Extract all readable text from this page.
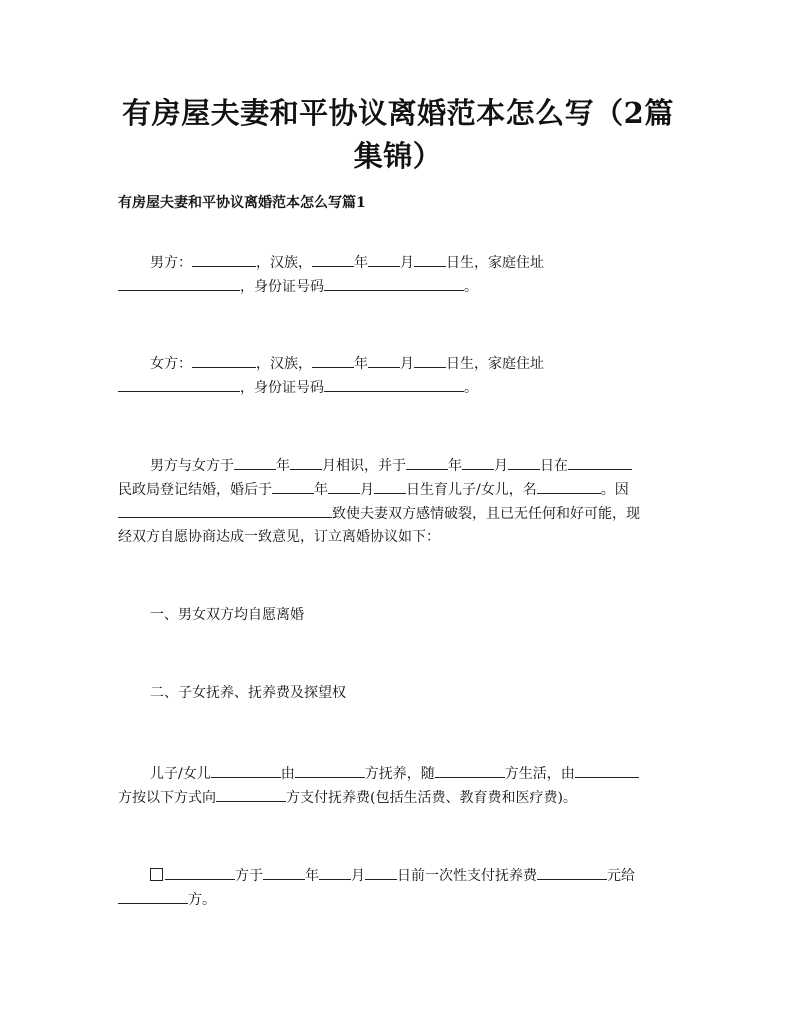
有房屋夫妻和平协议离婚范本怎么写（2篇
集锦）

有房屋夫妻和平协议离婚范本怎么写篇1

男方：	，汉族，	年 月 日生，家庭住址

，身份证号码	。

女方：	，汉族，	年 月 日生，家庭住址

，身份证号码	。

男方与女方于	年 月相识，并于	年 月 日在

民政局登记结婚，婚后于	年 月 日生育儿子/女儿，名	。因

致使夫妻双方感情破裂，且已无任何和好可能，现

经双方自愿协商达成一致意见，订立离婚协议如下：

一、男女双方均自愿离婚

二、子女抚养、抚养费及探望权

儿子/女儿	由	方抚养，随	方生活，由

方按以下方式向	方支付抚养费(包括生活费、教育费和医疗费)。

方于	年 月 日前一次性支付抚养费	元给

方。
